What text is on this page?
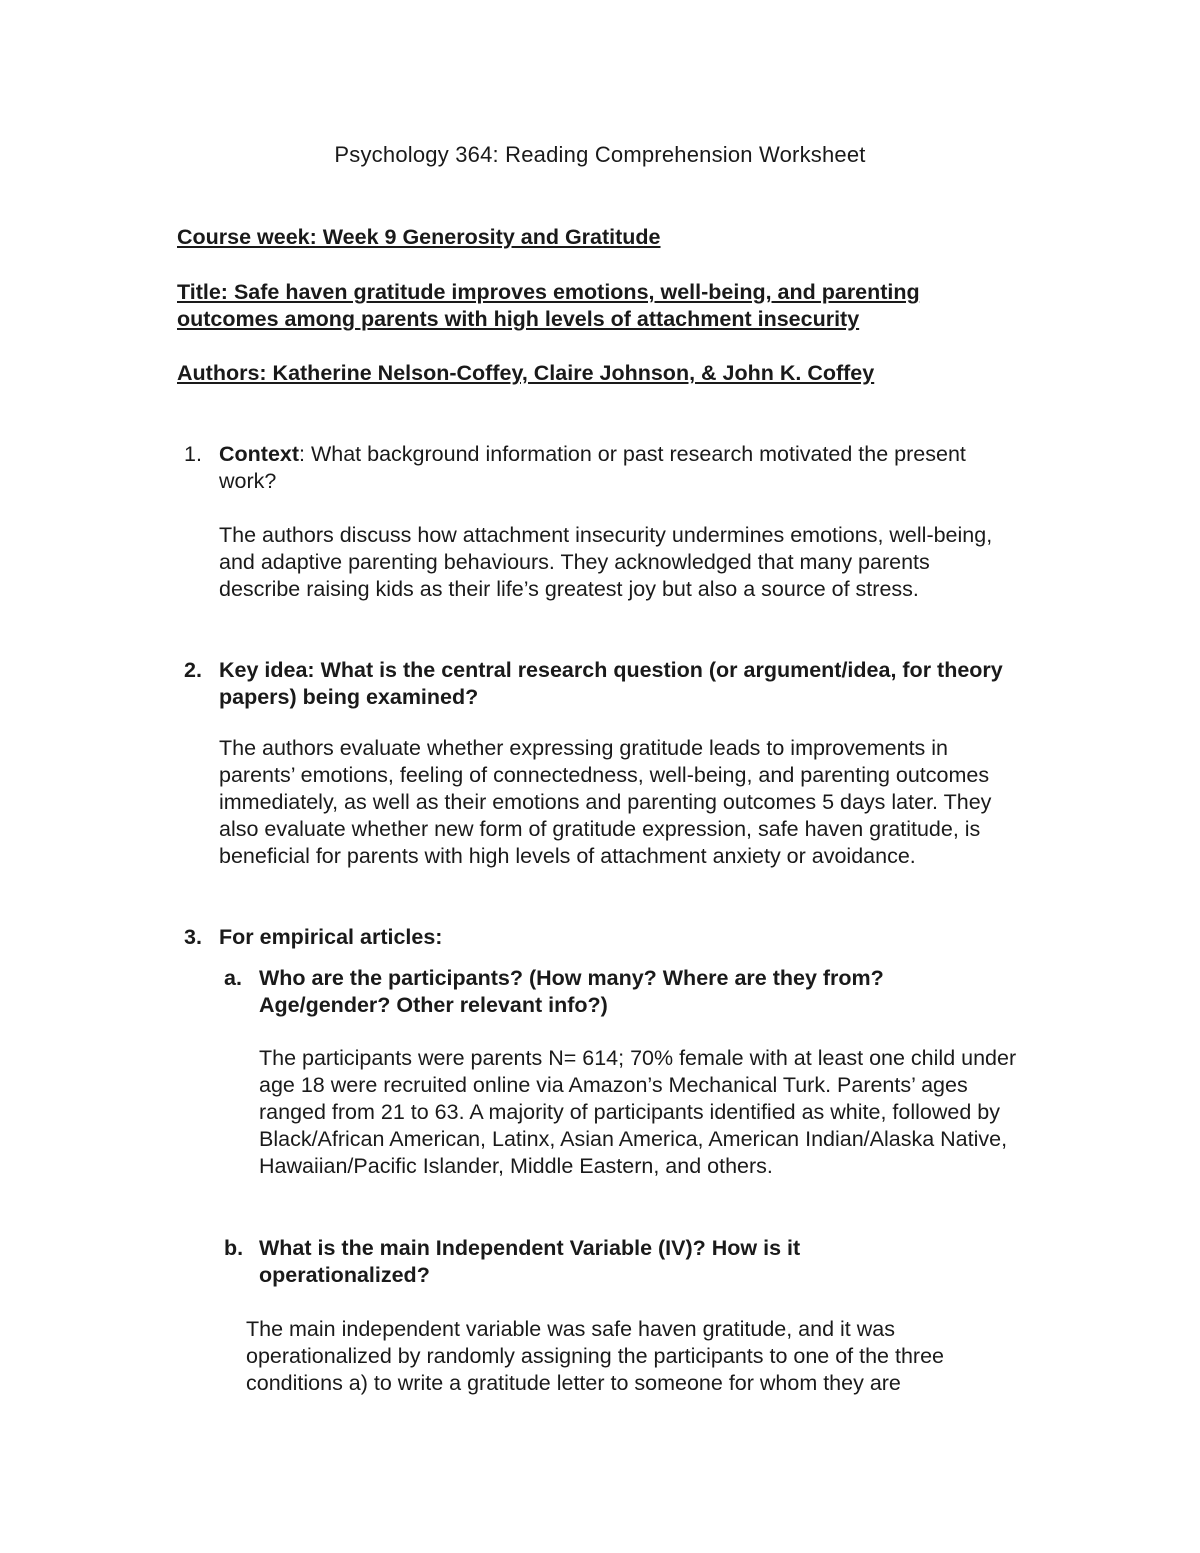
Psychology 364: Reading Comprehension Worksheet
Course week: Week 9 Generosity and Gratitude
Title: Safe haven gratitude improves emotions, well-being, and parenting outcomes among parents with high levels of attachment insecurity
Authors: Katherine Nelson-Coffey, Claire Johnson, & John K. Coffey
1. Context: What background information or past research motivated the present work?
The authors discuss how attachment insecurity undermines emotions, well-being, and adaptive parenting behaviours. They acknowledged that many parents describe raising kids as their life’s greatest joy but also a source of stress.
2. Key idea: What is the central research question (or argument/idea, for theory papers) being examined?
The authors evaluate whether expressing gratitude leads to improvements in parents’ emotions, feeling of connectedness, well-being, and parenting outcomes immediately, as well as their emotions and parenting outcomes 5 days later. They also evaluate whether new form of gratitude expression, safe haven gratitude, is beneficial for parents with high levels of attachment anxiety or avoidance.
3. For empirical articles:
a. Who are the participants? (How many? Where are they from? Age/gender? Other relevant info?)
The participants were parents N= 614; 70% female with at least one child under age 18 were recruited online via Amazon’s Mechanical Turk. Parents’ ages ranged from 21 to 63. A majority of participants identified as white, followed by Black/African American, Latinx, Asian America, American Indian/Alaska Native, Hawaiian/Pacific Islander, Middle Eastern, and others.
b. What is the main Independent Variable (IV)? How is it operationalized?
The main independent variable was safe haven gratitude, and it was operationalized by randomly assigning the participants to one of the three conditions a) to write a gratitude letter to someone for whom they are
